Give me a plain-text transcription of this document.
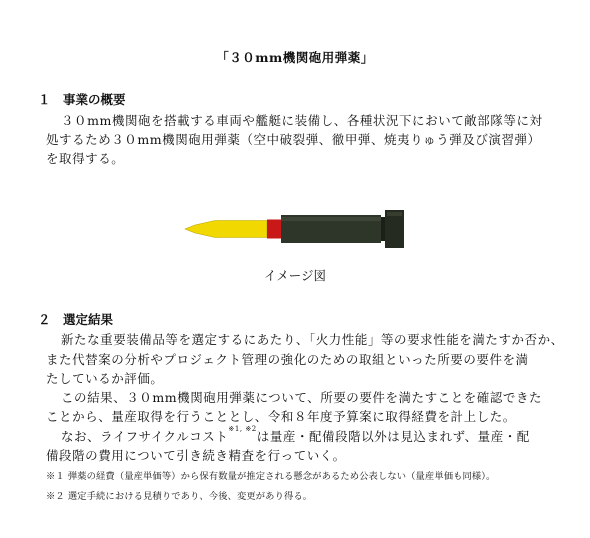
「３０mm機関砲用弾薬」
１　事業の概要
３０mm機関砲を搭載する車両や艦艇に装備し、各種状況下において敵部隊等に対
処するため３０mm機関砲用弾薬（空中破裂弾、徹甲弾、焼夷りゅう弾及び演習弾）
を取得する。
イメージ図
２　選定結果
新たな重要装備品等を選定するにあたり、「火力性能」等の要求性能を満たすか否か、
また代替案の分析やプロジェクト管理の強化のための取組といった所要の要件を満
たしているか評価。
この結果、３０mm機関砲用弾薬について、所要の要件を満たすことを確認できた
ことから、量産取得を行うこととし、令和８年度予算案に取得経費を計上した。
なお、ライフサイクルコスト$^{※1, ※2}$は量産・配備段階以外は見込まれず、量産・配
備段階の費用について引き続き精査を行っていく。
※１ 弾薬の経費（量産単価等）から保有数量が推定される懸念があるため公表しない（量産単価も同様）。
※２ 選定手続における見積りであり、今後、変更があり得る。
